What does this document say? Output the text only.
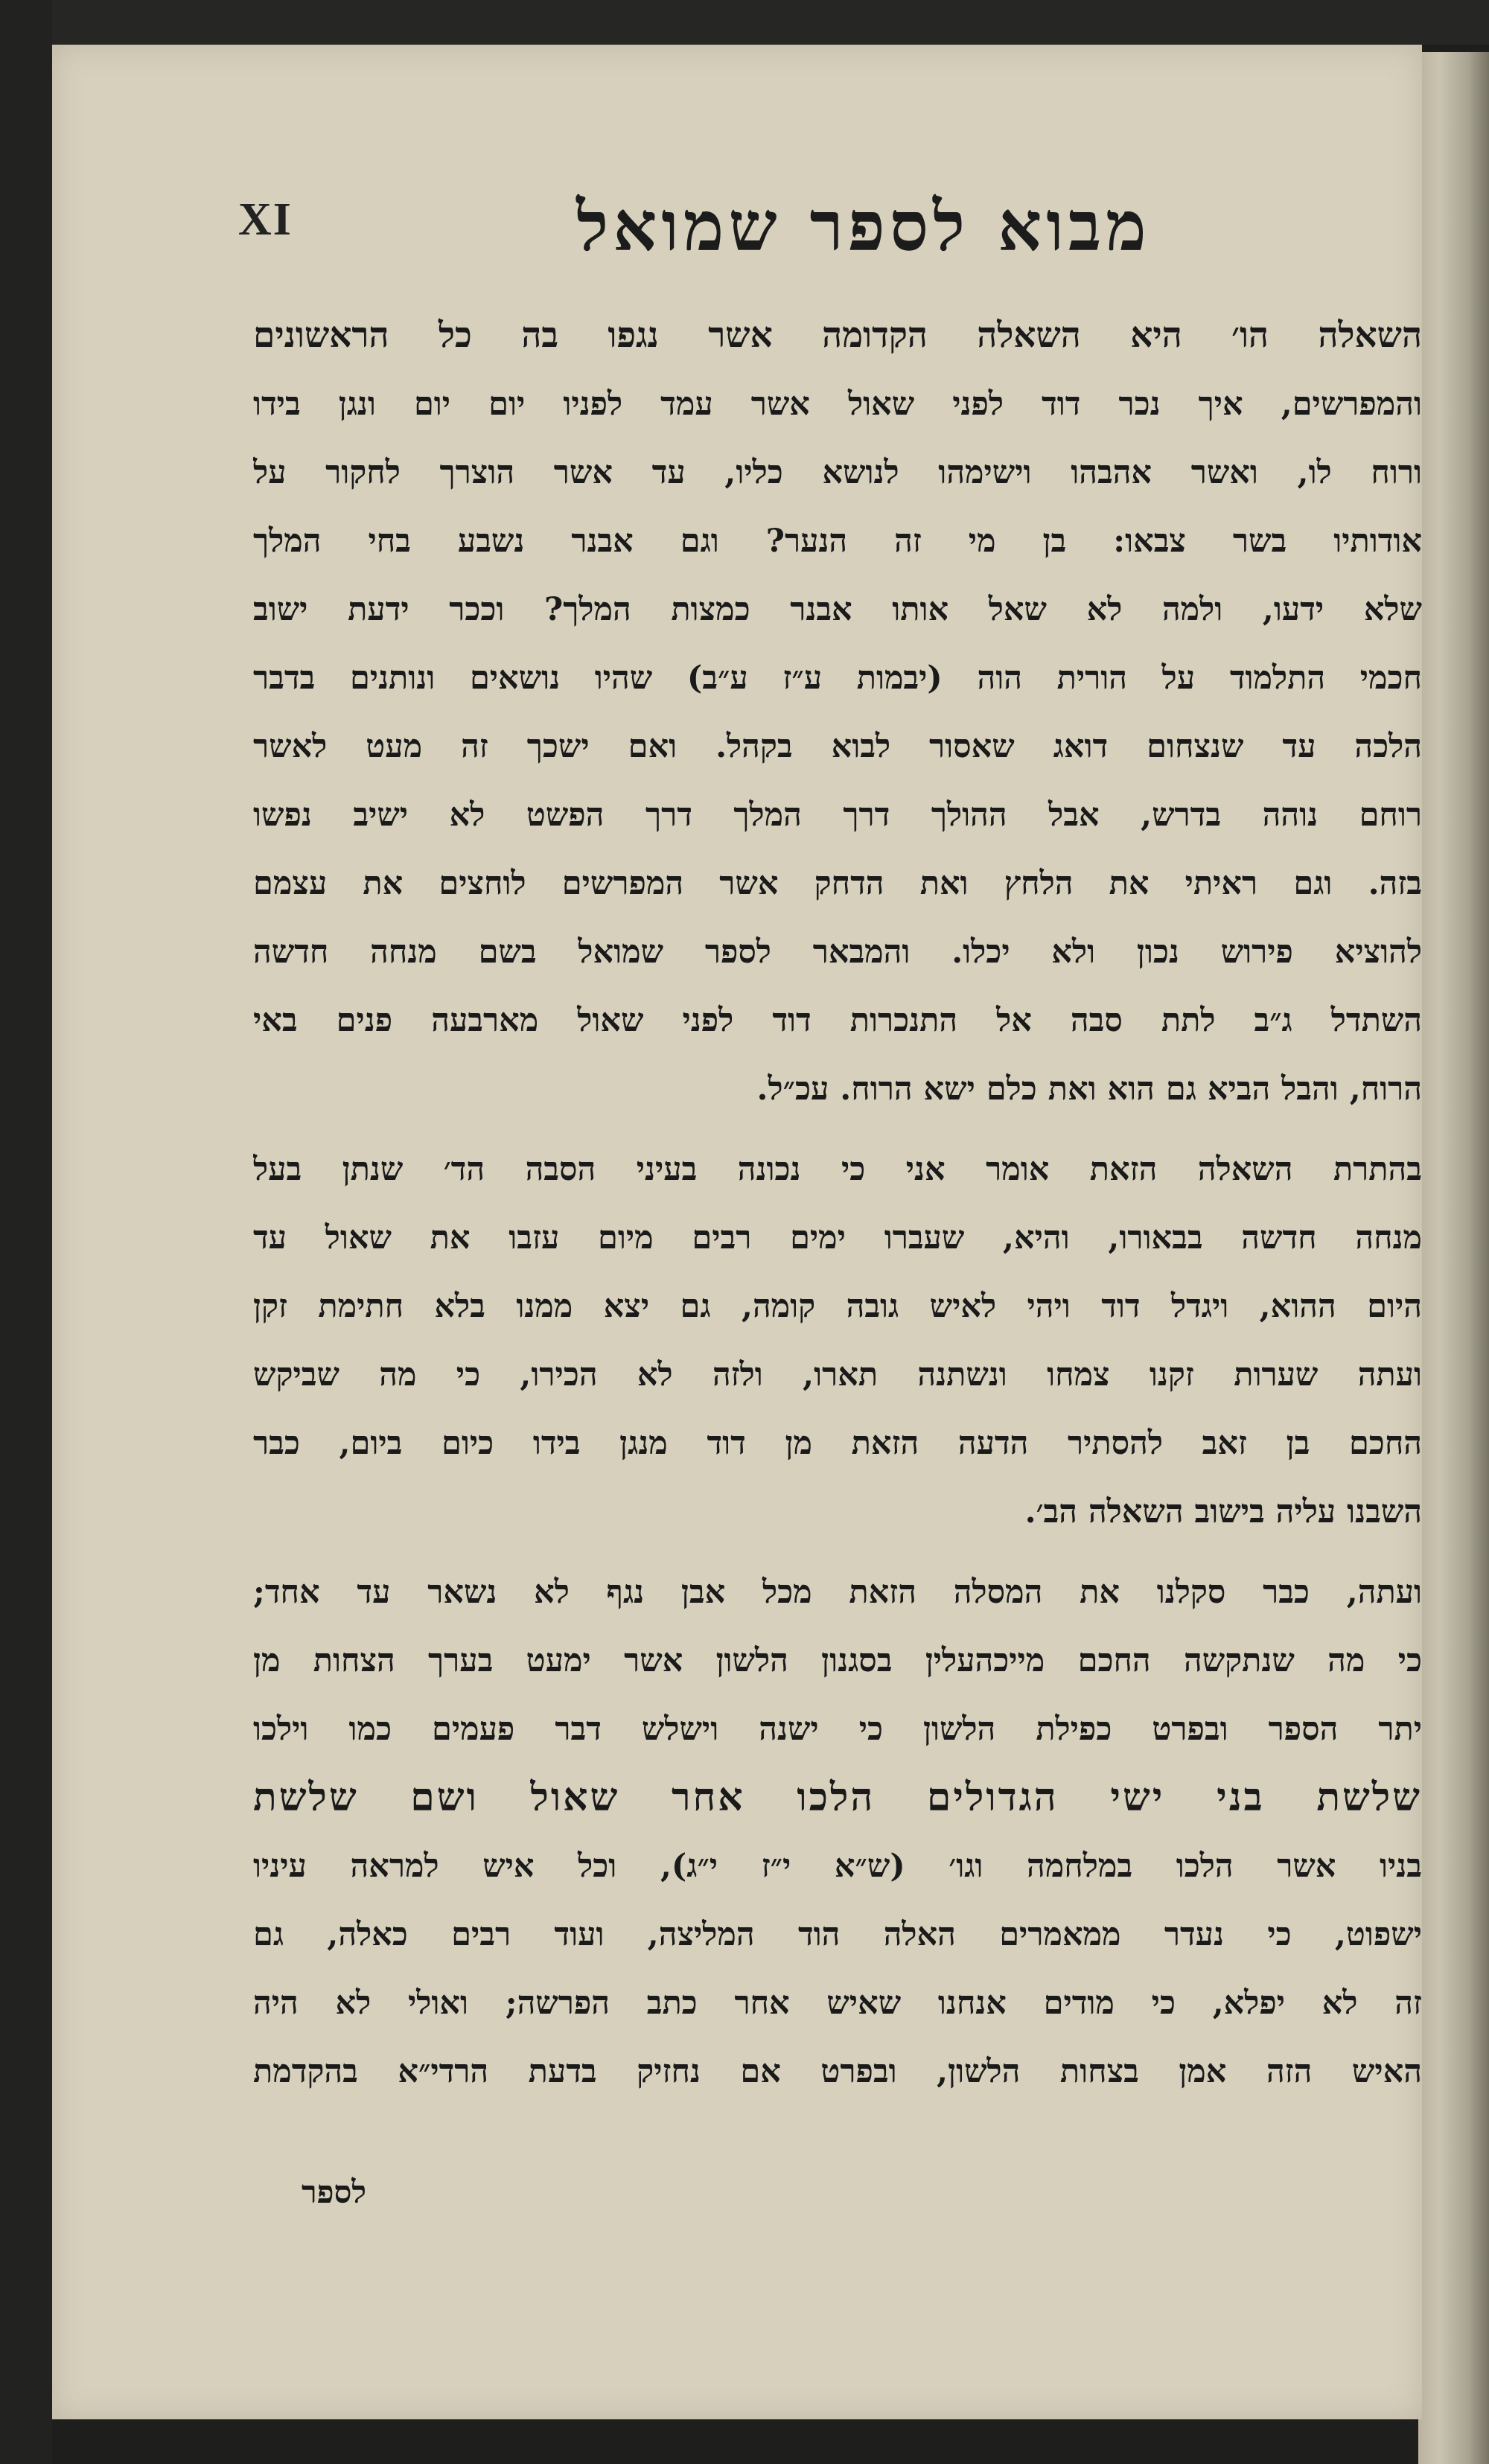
XI	מבוא לספר שמואל
השאלה הו׳ היא השאלה הקדומה אשר נגפו בה כל הראשונים
והמפרשים, איך נכר דוד לפני שאול אשר עמד לפניו יום יום ונגן בידו
ורוח לו, ואשר אהבהו וישימהו לנושא כליו, עד אשר הוצרך לחקור על
אודותיו בשר צבאו: בן מי זה הנער? וגם אבנר נשבע בחי המלך
שלא ידעו, ולמה לא שאל אותו אבנר כמצות המלך? וככר ידעת ישוב
חכמי התלמוד על הורית הוה (יבמות ע״ז ע״ב) שהיו נושאים ונותנים בדבר
הלכה עד שנצחום דואג שאסור לבוא בקהל. ואם ישכך זה מעט לאשר
רוחם נוהה בדרש, אבל ההולך דרך המלך דרך הפשט לא ישיב נפשו
בזה. וגם ראיתי את הלחץ ואת הדחק אשר המפרשים לוחצים את עצמם
להוציא פירוש נכון ולא יכלו. והמבאר לספר שמואל בשם מנחה חדשה
השתדל ג״ב לתת סבה אל התנכרות דוד לפני שאול מארבעה פנים באי
הרוח, והבל הביא גם הוא ואת כלם ישא הרוח. עכ״ל.
בהתרת השאלה הזאת אומר אני כי נכונה בעיני הסבה הד׳ שנתן בעל
מנחה חדשה בבאורו, והיא, שעברו ימים רבים מיום עזבו את שאול עד
היום ההוא, ויגדל דוד ויהי לאיש גובה קומה, גם יצא ממנו בלא חתימת זקן
ועתה שערות זקנו צמחו ונשתנה תארו, ולזה לא הכירו, כי מה שביקש
החכם בן זאב להסתיר הדעה הזאת מן דוד מנגן בידו כיום ביום, כבר
השבנו עליה בישוב השאלה הב׳.
ועתה, כבר סקלנו את המסלה הזאת מכל אבן נגף לא נשאר עד אחד;
כי מה שנתקשה החכם מייכהעלין בסגנון הלשון אשר ימעט בערך הצחות מן
יתר הספר ובפרט כפילת הלשון כי ישנה וישלש דבר פעמים כמו וילכו
שלשת בני ישי הגדולים הלכו אחר שאול ושם שלשת
בניו אשר הלכו במלחמה וגו׳ (ש״א י״ז י״ג), וכל איש למראה עיניו
ישפוט, כי נעדר ממאמרים האלה הוד המליצה, ועוד רבים כאלה, גם
זה לא יפלא, כי מודים אנחנו שאיש אחר כתב הפרשה; ואולי לא היה
האיש הזה אמן בצחות הלשון, ובפרט אם נחזיק בדעת הרדי״א בהקדמת
לספר
